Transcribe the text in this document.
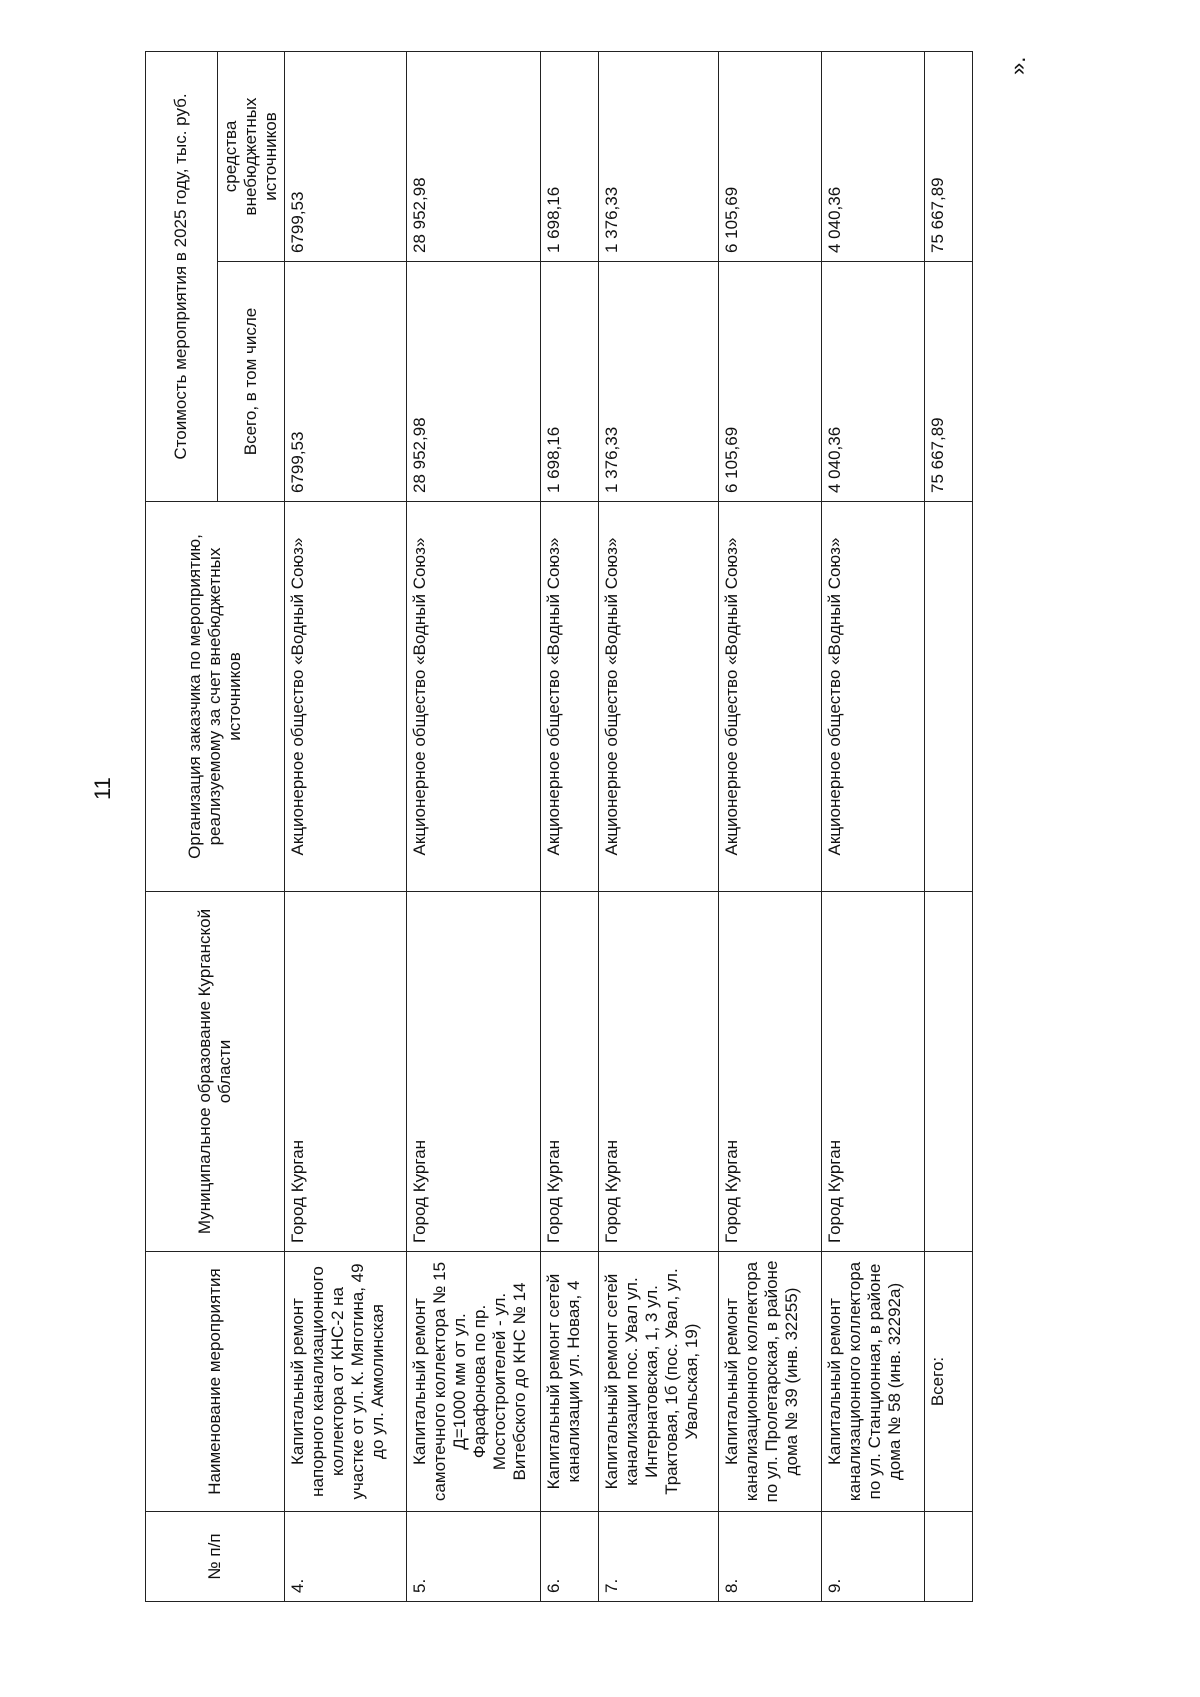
11
№ п/п	Наименование мероприятия	Муниципальное образование Курганской области	Организация заказчика по мероприятию, реализуемому за счет внебюджетных источников	Стоимость мероприятия в 2025 году, тыс. руб.	
				Всего, в том числе	средства внебюджетных источников
4.	Капитальный ремонт напорного канализационного коллектора от КНС-2 на участке от ул. К. Мяготина, 49 до ул. Акмолинская	Город Курган	Акционерное общество «Водный Союз»	6799,53	6799,53
5.	Капитальный ремонт самотечного коллектора № 15 Д=1000 мм от ул. Фарафонова по пр. Мостостроителей - ул. Витебского до КНС № 14	Город Курган	Акционерное общество «Водный Союз»	28 952,98	28 952,98
6.	Капитальный ремонт сетей канализации ул. Новая, 4	Город Курган	Акционерное общество «Водный Союз»	1 698,16	1 698,16
7.	Капитальный ремонт сетей канализации пос. Увал ул. Интернатовская, 1, 3 ул. Трактовая, 1б (пос. Увал, ул. Увальская, 19)	Город Курган	Акционерное общество «Водный Союз»	1 376,33	1 376,33
8.	Капитальный ремонт канализационного коллектора по ул. Пролетарская, в районе дома № 39 (инв. 32255)	Город Курган	Акционерное общество «Водный Союз»	6 105,69	6 105,69
9.	Капитальный ремонт канализационного коллектора по ул. Станционная, в районе дома № 58 (инв. 32292а)	Город Курган	Акционерное общество «Водный Союз»	4 040,36	4 040,36
	Всего:			75 667,89	75 667,89
».
